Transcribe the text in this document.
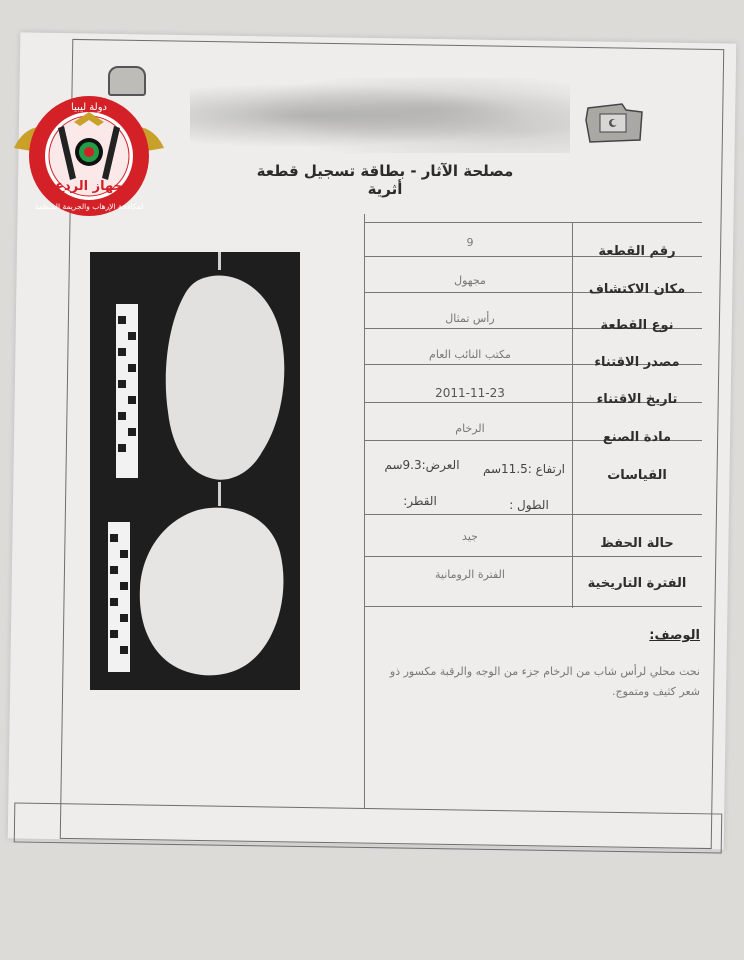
مصلحة الآثار - بطاقة تسجيل قطعة أثرية
رقم القطعة
9
مكان الاكتشاف
مجهول
نوع القطعة
رأس تمثال
مصدر الاقتناء
مكتب النائب العام
تاريخ الاقتناء
2011-11-23
مادة الصنع
الرخام
القياسات
ارتفاع :11.5سم
العرض:9.3سم
الطول :
القطر:
حالة الحفظ
جيد
الفترة التاريخية
الفترة الرومانية
الوصف:
نحت محلي لرأس شاب من الرخام جزء من الوجه والرقبة مكسور ذو شعر كثيف ومتموج.
دولة ليبيا
جهاز الردع
لمكافحة الإرهاب والجريمة المنظمة
